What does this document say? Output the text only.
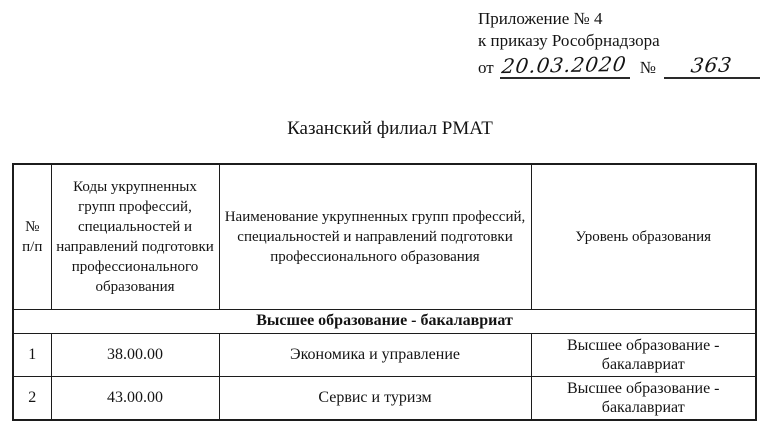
Приложение № 4
к приказу Рособрнадзора
от 20.03.2020 №	363
Казанский филиал РМАТ
№ п/п	Коды укрупненных групп профессий, специальностей и направлений подготовки профессионального образования	Наименование укрупненных групп профессий, специальностей и направлений подготовки профессионального образования	Уровень образования
Высшее образование - бакалавриат			
1	38.00.00	Экономика и управление	Высшее образование - бакалавриат
2	43.00.00	Сервис и туризм	Высшее образование - бакалавриат
